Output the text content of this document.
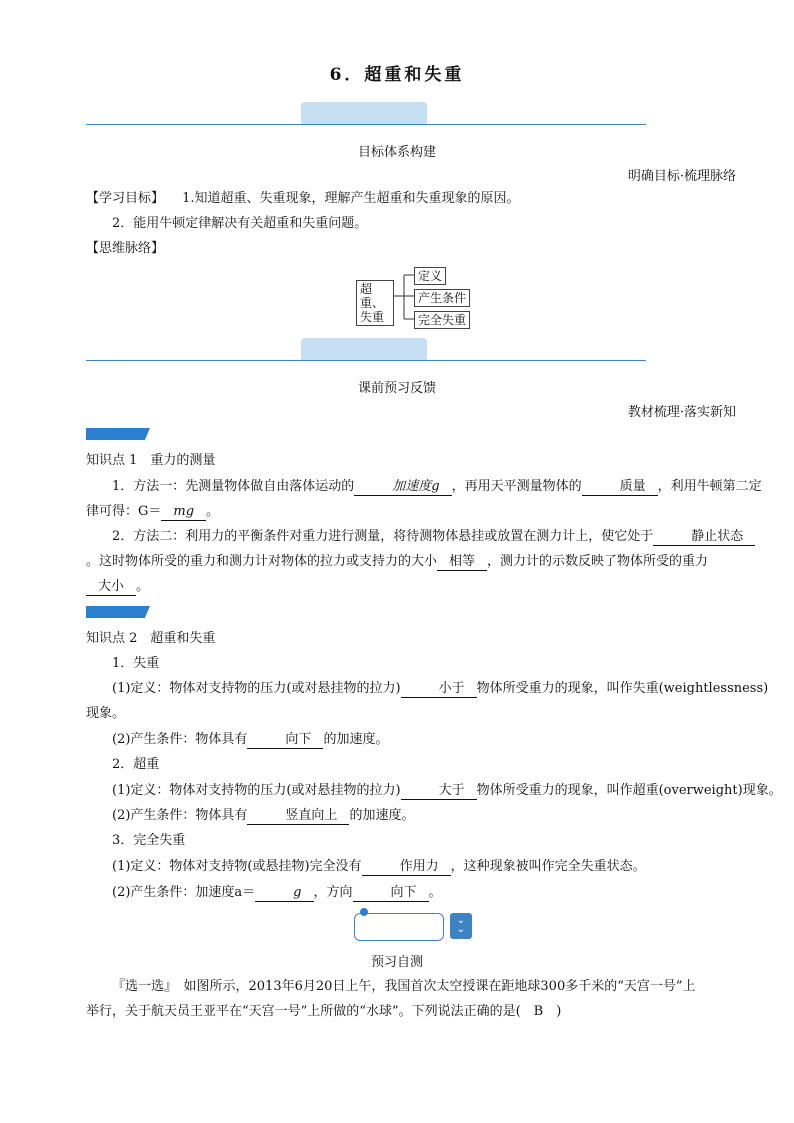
6．超重和失重
目标体系构建
明确目标·梳理脉络
【学习目标】 1.知道超重、失重现象，理解产生超重和失重现象的原因。
2．能用牛顿定律解决有关超重和失重问题。
【思维脉络】
超重、失重
定义
产生条件
完全失重
课前预习反馈
教材梳理·落实新知
知识点 1　重力的测量
1．方法一：先测量物体做自由落体运动的	加速度g ，再用天平测量物体的	质量 ，利用牛顿第二定
律可得：G＝ mg 。
2．方法二：利用力的平衡条件对重力进行测量，将待测物体悬挂或放置在测力计上，使它处于	静止状态
。这时物体所受的重力和测力计对物体的拉力或支持力的大小 相等 ，测力计的示数反映了物体所受的重力
大小 。
知识点 2　超重和失重
1．失重
(1)定义：物体对支持物的压力(或对悬挂物的拉力)	小于 物体所受重力的现象，叫作失重(weightlessness)
现象。
(2)产生条件：物体具有	向下 的加速度。
2．超重
(1)定义：物体对支持物的压力(或对悬挂物的拉力)	大于 物体所受重力的现象，叫作超重(overweight)现象。
(2)产生条件：物体具有	竖直向上 的加速度。
3．完全失重
(1)定义：物体对支持物(或悬挂物)完全没有	作用力 ，这种现象被叫作完全失重状态。
(2)产生条件：加速度a＝	g ，方向	向下 。
⌄
⌄
⌄
预习自测
『选一选』　如图所示，2013年6月20日上午，我国首次太空授课在距地球300多千米的“天宫一号”上
举行，关于航天员王亚平在“天宫一号”上所做的“水球”。下列说法正确的是(　B　)
